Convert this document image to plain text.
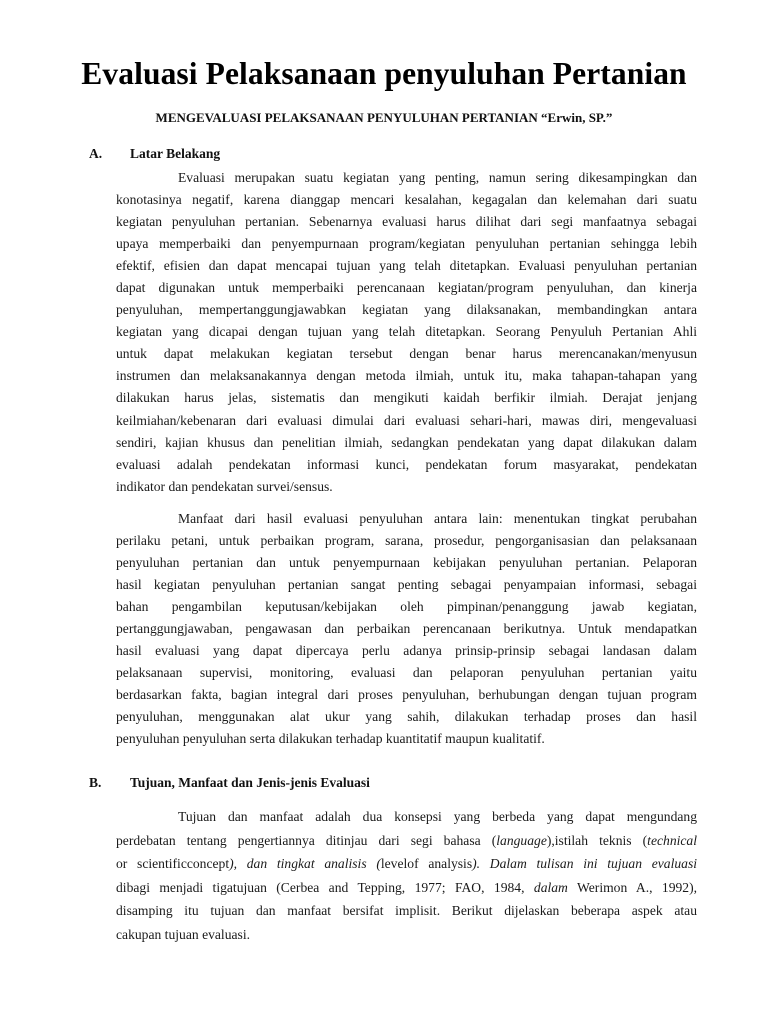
Evaluasi Pelaksanaan penyuluhan Pertanian
MENGEVALUASI PELAKSANAAN PENYULUHAN PERTANIAN “Erwin, SP.”
A. Latar Belakang
Evaluasi merupakan suatu kegiatan yang penting, namun sering dikesampingkan dan
konotasinya negatif, karena dianggap mencari kesalahan, kegagalan dan kelemahan dari suatu
kegiatan penyuluhan pertanian. Sebenarnya evaluasi harus dilihat dari segi manfaatnya sebagai
upaya memperbaiki dan penyempurnaan program/kegiatan penyuluhan pertanian sehingga lebih
efektif, efisien dan dapat mencapai tujuan yang telah ditetapkan. Evaluasi penyuluhan pertanian
dapat digunakan untuk memperbaiki perencanaan kegiatan/program penyuluhan, dan kinerja
penyuluhan, mempertanggungjawabkan kegiatan yang dilaksanakan, membandingkan antara
kegiatan yang dicapai dengan tujuan yang telah ditetapkan. Seorang Penyuluh Pertanian Ahli
untuk dapat melakukan kegiatan tersebut dengan benar harus merencanakan/menyusun
instrumen dan melaksanakannya dengan metoda ilmiah, untuk itu, maka tahapan-tahapan yang
dilakukan harus jelas, sistematis dan mengikuti kaidah berfikir ilmiah. Derajat jenjang
keilmiahan/kebenaran dari evaluasi dimulai dari evaluasi sehari-hari, mawas diri, mengevaluasi
sendiri, kajian khusus dan penelitian ilmiah, sedangkan pendekatan yang dapat dilakukan dalam
evaluasi adalah pendekatan informasi kunci, pendekatan forum masyarakat, pendekatan
indikator dan pendekatan survei/sensus.
Manfaat dari hasil evaluasi penyuluhan antara lain: menentukan tingkat perubahan
perilaku petani, untuk perbaikan program, sarana, prosedur, pengorganisasian dan pelaksanaan
penyuluhan pertanian dan untuk penyempurnaan kebijakan penyuluhan pertanian. Pelaporan
hasil kegiatan penyuluhan pertanian sangat penting sebagai penyampaian informasi, sebagai
bahan pengambilan keputusan/kebijakan oleh pimpinan/penanggung jawab kegiatan,
pertanggungjawaban, pengawasan dan perbaikan perencanaan berikutnya. Untuk mendapatkan
hasil evaluasi yang dapat dipercaya perlu adanya prinsip-prinsip sebagai landasan dalam
pelaksanaan supervisi, monitoring, evaluasi dan pelaporan penyuluhan pertanian yaitu
berdasarkan fakta, bagian integral dari proses penyuluhan, berhubungan dengan tujuan program
penyuluhan, menggunakan alat ukur yang sahih, dilakukan terhadap proses dan hasil
penyuluhan penyuluhan serta dilakukan terhadap kuantitatif maupun kualitatif.
B. Tujuan, Manfaat dan Jenis-jenis Evaluasi
Tujuan dan manfaat adalah dua konsepsi yang berbeda yang dapat mengundang
perdebatan tentang pengertiannya ditinjau dari segi bahasa (language),istilah teknis (technical
or scientificconcept), dan tingkat analisis (levelof analysis). Dalam tulisan ini tujuan evaluasi
dibagi menjadi tigatujuan (Cerbea and Tepping, 1977; FAO, 1984, dalam Werimon A., 1992),
disamping itu tujuan dan manfaat bersifat implisit. Berikut dijelaskan beberapa aspek atau
cakupan tujuan evaluasi.
